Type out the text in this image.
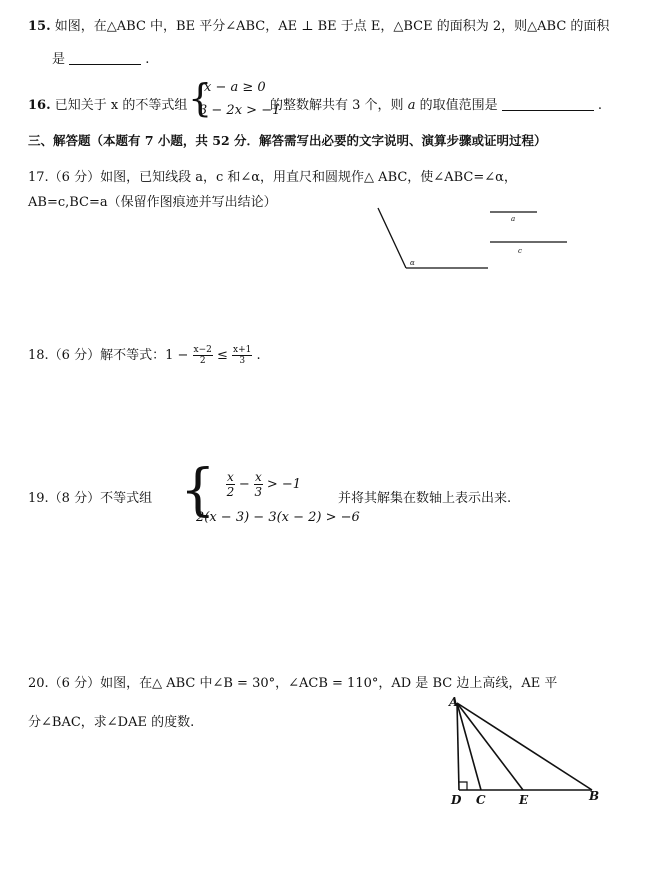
15. 如图，在△ABC 中，BE 平分∠ABC，AE ⊥ BE 于点 E，△BCE 的面积为 2，则△ABC 的面积
是	.
16. 已知关于 x 的不等式组 {
x − a ≥ 0
3 − 2x > −1
的整数解共有 3 个，则 a 的取值范围是	.
三、解答题（本题有 7 小题，共 52 分．解答需写出必要的文字说明、演算步骤或证明过程）
17.（6 分）如图，已知线段 a，c 和∠α，用直尺和圆规作△ ABC，使∠ABC=∠α，
AB=c,BC=a（保留作图痕迹并写出结论）
α
a
c
18.（6 分）解不等式：$1 - \frac{x-2}{2} \le \frac{x+1}{3}$ .
19.（8 分）不等式组 { $\frac{x}{2} - \frac{x}{3} > -1$
2(x − 3) − 3(x − 2) > −6
并将其解集在数轴上表示出来.
20.（6 分）如图，在△ ABC 中∠B = 30°，∠ACB = 110°，AD 是 BC 边上高线，AE 平
分∠BAC，求∠DAE 的度数.
A
D C	E	B
